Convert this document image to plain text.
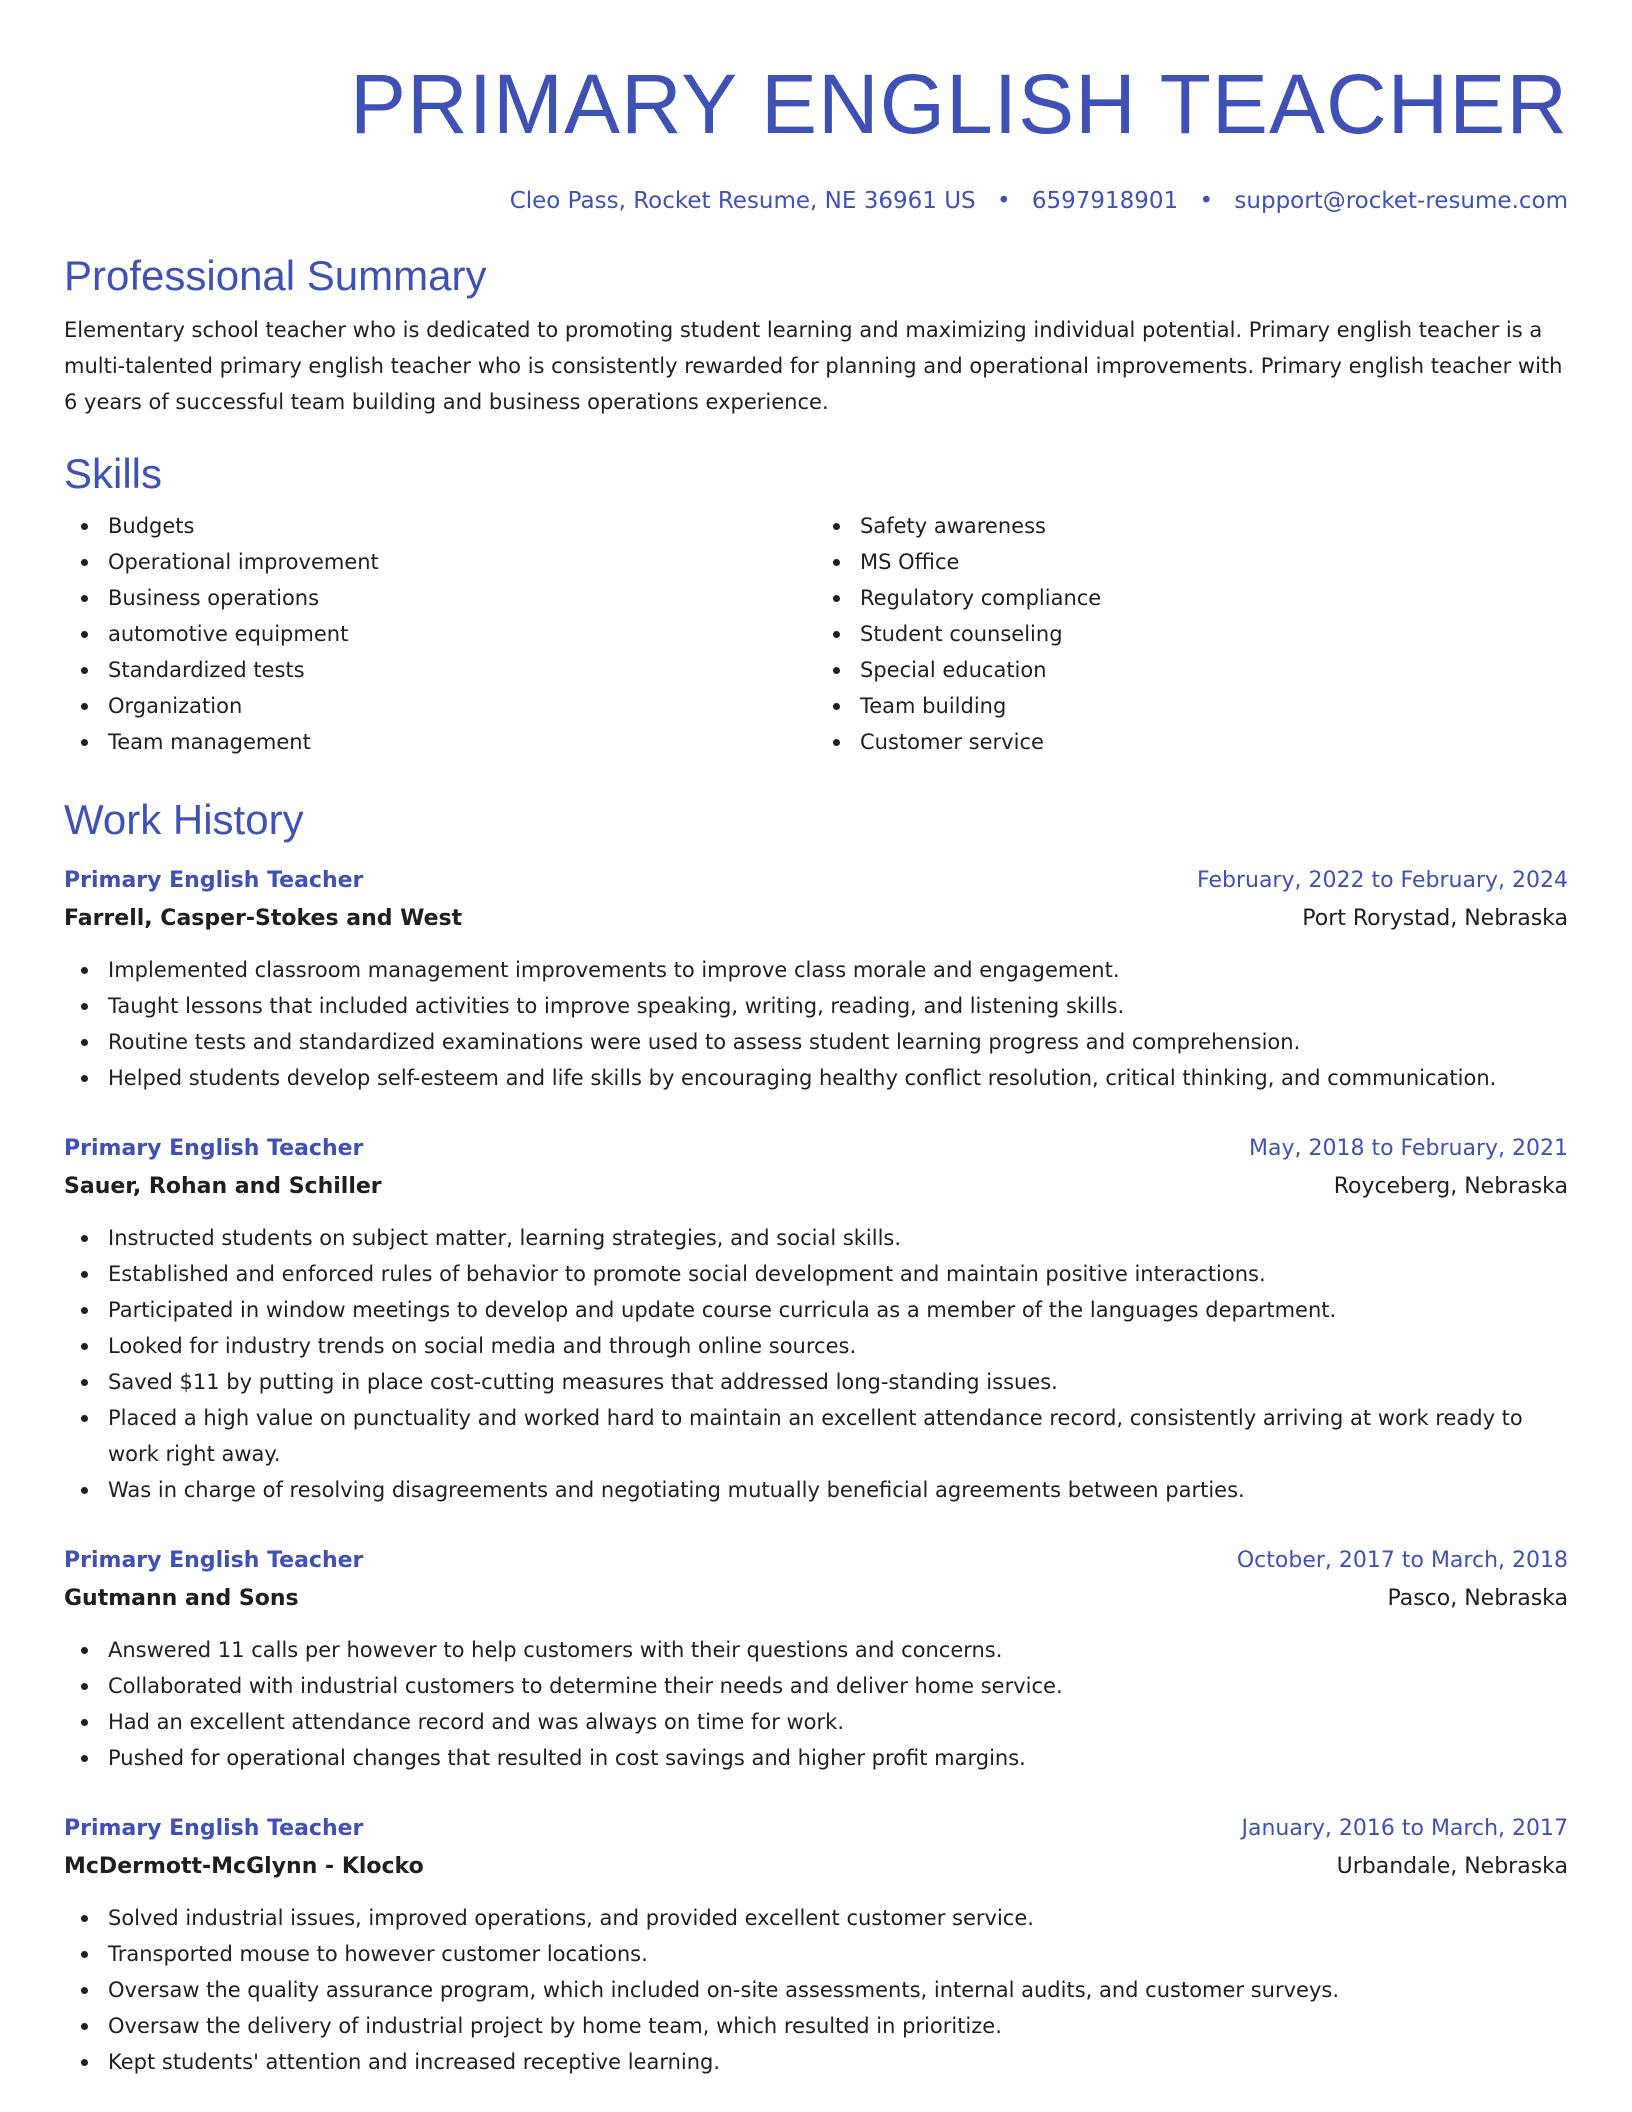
PRIMARY ENGLISH TEACHER
Cleo Pass, Rocket Resume, NE 36961 US • 6597918901 • support@rocket-resume.com
Professional Summary
Elementary school teacher who is dedicated to promoting student learning and maximizing individual potential. Primary english teacher is a multi-talented primary english teacher who is consistently rewarded for planning and operational improvements. Primary english teacher with 6 years of successful team building and business operations experience.
Skills
Budgets
Operational improvement
Business operations
automotive equipment
Standardized tests
Organization
Team management
Safety awareness
MS Office
Regulatory compliance
Student counseling
Special education
Team building
Customer service
Work History
Primary English Teacher	February, 2022 to February, 2024
Farrell, Casper-Stokes and West	Port Rorystad, Nebraska
Implemented classroom management improvements to improve class morale and engagement.
Taught lessons that included activities to improve speaking, writing, reading, and listening skills.
Routine tests and standardized examinations were used to assess student learning progress and comprehension.
Helped students develop self-esteem and life skills by encouraging healthy conflict resolution, critical thinking, and communication.
Primary English Teacher	May, 2018 to February, 2021
Sauer, Rohan and Schiller	Royceberg, Nebraska
Instructed students on subject matter, learning strategies, and social skills.
Established and enforced rules of behavior to promote social development and maintain positive interactions.
Participated in window meetings to develop and update course curricula as a member of the languages department.
Looked for industry trends on social media and through online sources.
Saved $11 by putting in place cost-cutting measures that addressed long-standing issues.
Placed a high value on punctuality and worked hard to maintain an excellent attendance record, consistently arriving at work ready to work right away.
Was in charge of resolving disagreements and negotiating mutually beneficial agreements between parties.
Primary English Teacher	October, 2017 to March, 2018
Gutmann and Sons	Pasco, Nebraska
Answered 11 calls per however to help customers with their questions and concerns.
Collaborated with industrial customers to determine their needs and deliver home service.
Had an excellent attendance record and was always on time for work.
Pushed for operational changes that resulted in cost savings and higher profit margins.
Primary English Teacher	January, 2016 to March, 2017
McDermott-McGlynn - Klocko	Urbandale, Nebraska
Solved industrial issues, improved operations, and provided excellent customer service.
Transported mouse to however customer locations.
Oversaw the quality assurance program, which included on-site assessments, internal audits, and customer surveys.
Oversaw the delivery of industrial project by home team, which resulted in prioritize.
Kept students' attention and increased receptive learning.
